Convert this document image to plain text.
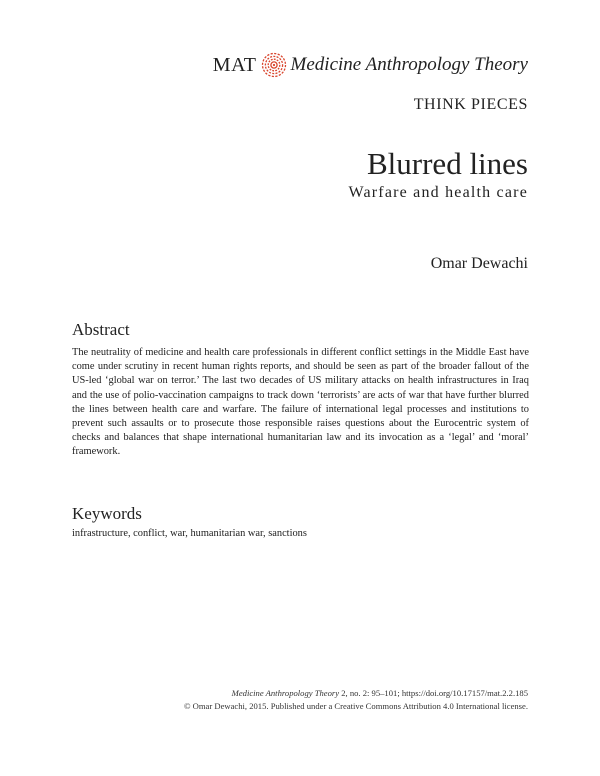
MAT Medicine Anthropology Theory
THINK PIECES
Blurred lines
Warfare and health care
Omar Dewachi
Abstract
The neutrality of medicine and health care professionals in different conflict settings in the Middle East have come under scrutiny in recent human rights reports, and should be seen as part of the broader fallout of the US-led ‘global war on terror.’ The last two decades of US military attacks on health infrastructures in Iraq and the use of polio-vaccination campaigns to track down ‘terrorists’ are acts of war that have further blurred the lines between health care and warfare. The failure of international legal processes and institutions to prevent such assaults or to prosecute those responsible raises questions about the Eurocentric system of checks and balances that shape international humanitarian law and its invocation as a ‘legal’ and ‘moral’ framework.
Keywords
infrastructure, conflict, war, humanitarian war, sanctions
Medicine Anthropology Theory 2, no. 2: 95–101; https://doi.org/10.17157/mat.2.2.185
© Omar Dewachi, 2015. Published under a Creative Commons Attribution 4.0 International license.
